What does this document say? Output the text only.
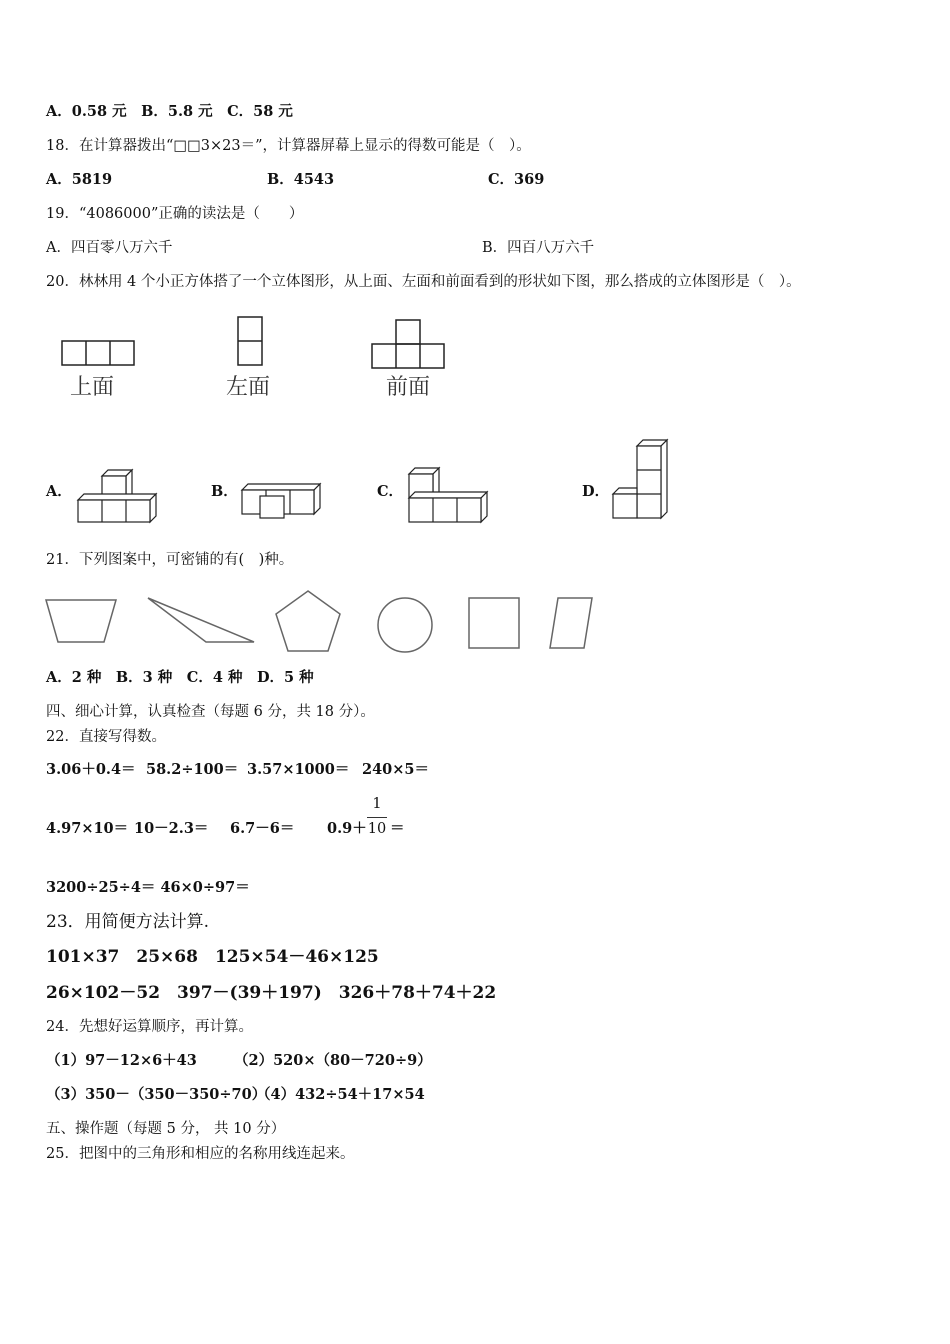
A．0.58 元　B．5.8 元　C．58 元
18．在计算器拨出“□□3×23＝”，计算器屏幕上显示的得数可能是（　）。
A．5819	B．4543	C．369
19．“4086000”正确的读法是（　　）
A．四百零八万六千	B．四百八万六千
20．林林用 4 个小正方体搭了一个立体图形，从上面、左面和前面看到的形状如下图，那么搭成的立体图形是（　）。
上面	左面	前面
A．	B．	C．	D．
21．下列图案中，可密铺的有(　)种。
A．2 种　B．3 种　C．4 种　D．5 种
四、细心计算，认真检查（每题 6 分，共 18 分）。
22．直接写得数。
3.06＋0.4＝ 58.2÷100＝ 3.57×1000＝ 240×5＝
4.97×10＝ 10－2.3＝ 6.7－6＝ 0.9＋
1
10 ＝
3200÷25÷4＝ 46×0÷97＝
23．用简便方法计算.
101×37　25×68　125×54－46×125
26×102－52　397－(39＋197)　326＋78＋74＋22
24．先想好运算顺序，再计算。
（1）97－12×6＋43	（2）520×（80－720÷9）
（3）350－（350－350÷70）
（4）432÷54＋17×54
五、操作题（每题 5 分， 共 10 分）
25．把图中的三角形和相应的名称用线连起来。
